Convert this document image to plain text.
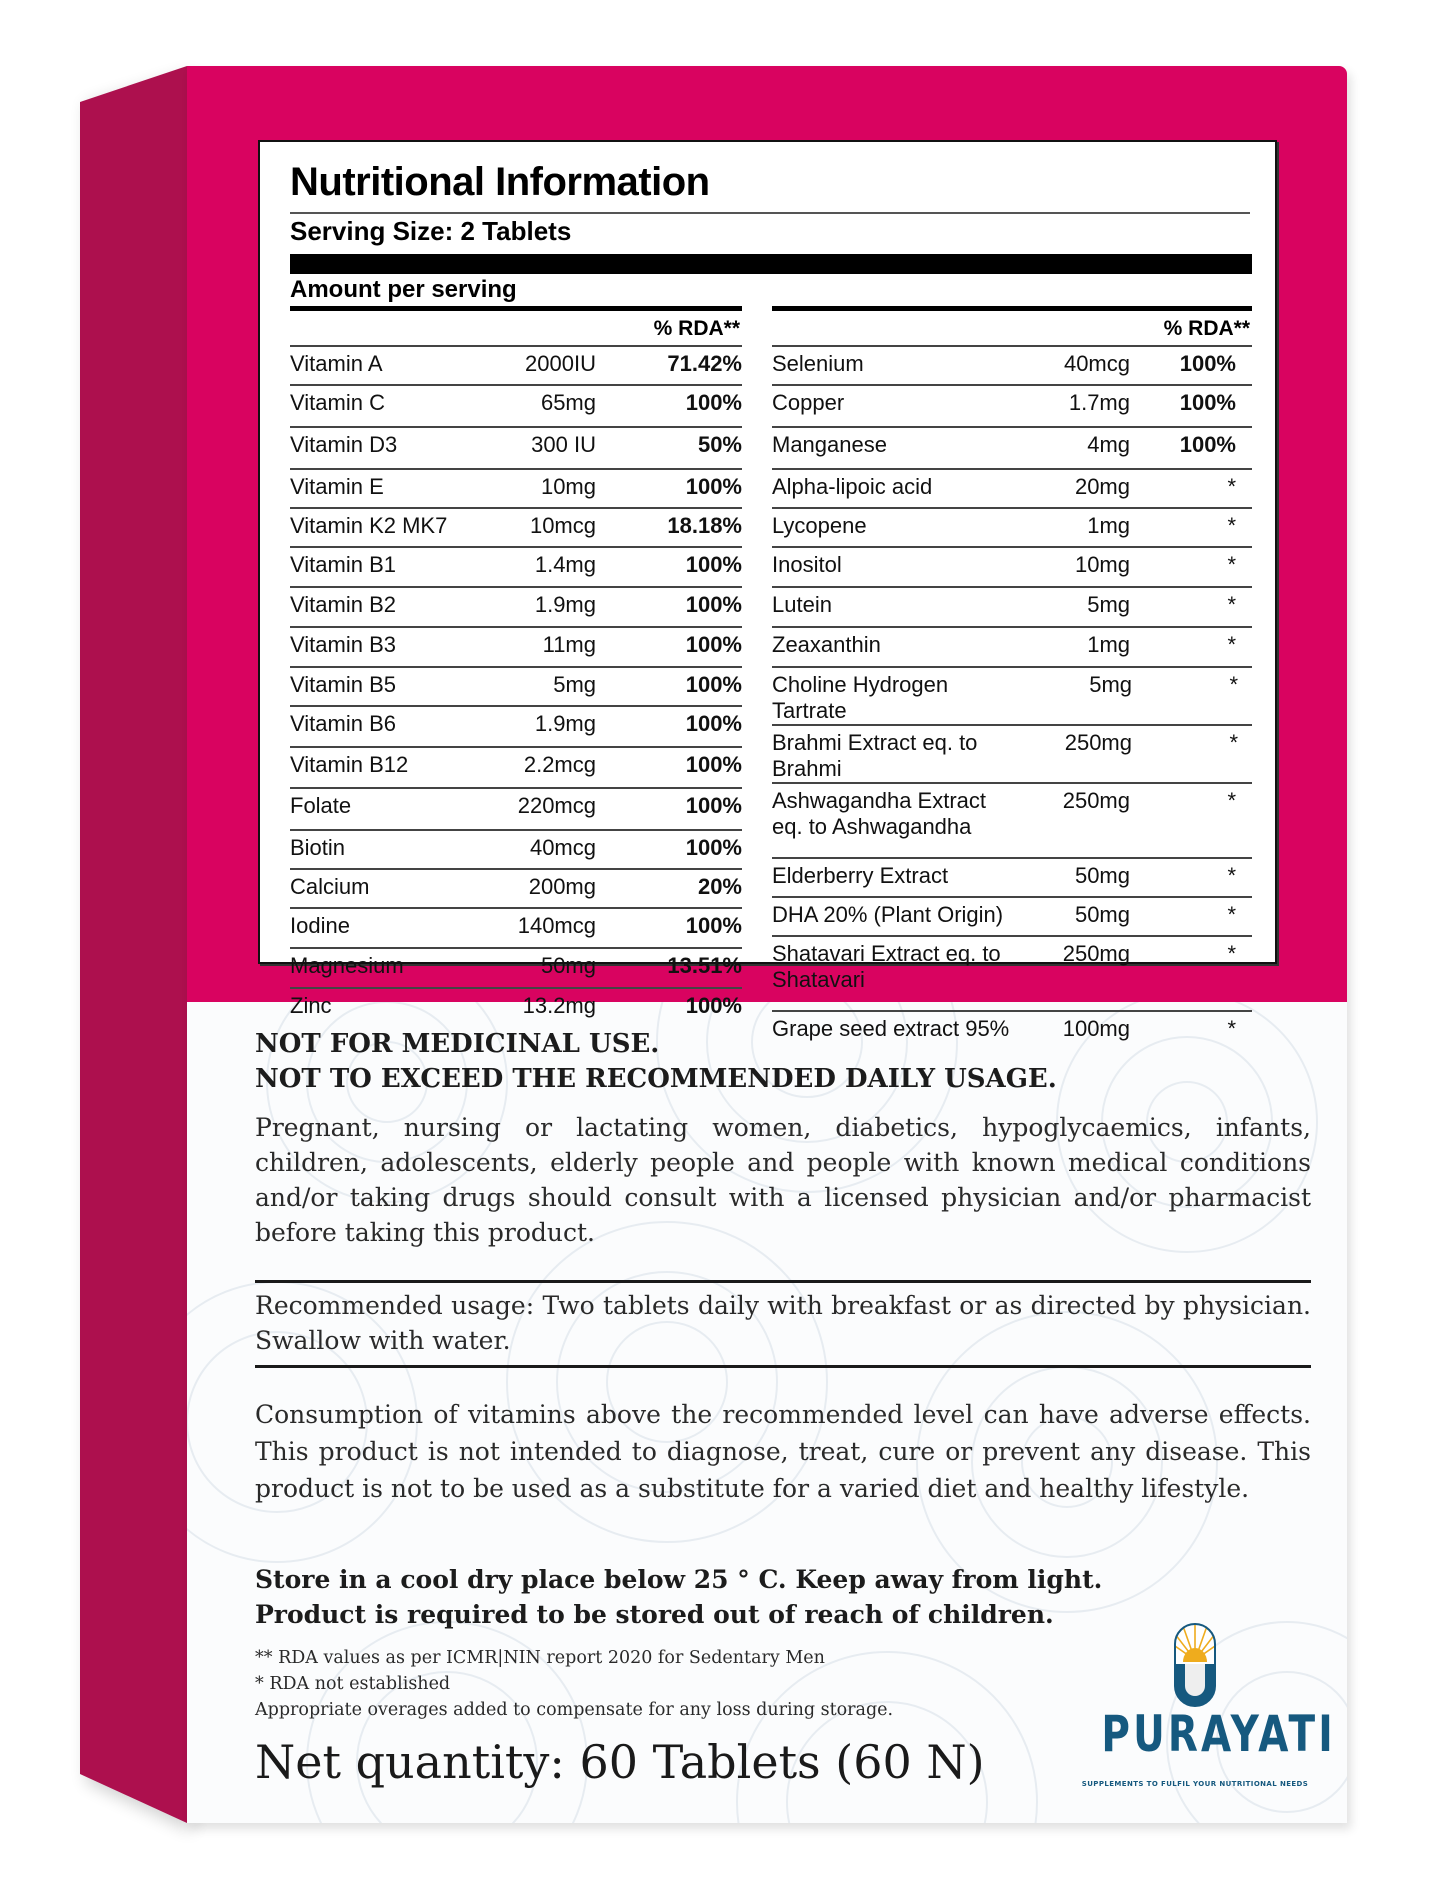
Nutritional Information
Serving Size: 2 Tablets
Amount per serving
% RDA**
Vitamin A	2000IU	71.42%
Vitamin C	65mg	100%
Vitamin D3	300 IU	50%
Vitamin E	10mg	100%
Vitamin K2 MK7	10mcg	18.18%
Vitamin B1	1.4mg	100%
Vitamin B2	1.9mg	100%
Vitamin B3	11mg	100%
Vitamin B5	5mg	100%
Vitamin B6	1.9mg	100%
Vitamin B12	2.2mcg	100%
Folate	220mcg	100%
Biotin	40mcg	100%
Calcium	200mg	20%
Iodine	140mcg	100%
Magnesium	50mg	13.51%
Zinc	13.2mg	100%
% RDA**
Selenium	40mcg	100%
Copper	1.7mg	100%
Manganese	4mg	100%
Alpha-lipoic acid	20mg	*
Lycopene	1mg	*
Inositol	10mg	*
Lutein	5mg	*
Zeaxanthin	1mg	*
Choline Hydrogen Tartrate
5mg	*
Brahmi Extract eq. to Brahmi
250mg	*
Ashwagandha Extract eq. to Ashwagandha
250mg	*
Elderberry Extract	50mg	*
DHA 20% (Plant Origin)	50mg	*
Shatavari Extract eq. to Shatavari
250mg	*
Grape seed extract 95%	100mg	*
NOT FOR MEDICINAL USE.
NOT TO EXCEED THE RECOMMENDED DAILY USAGE.
Pregnant, nursing or lactating women, diabetics, hypoglycaemics, infants, children, adolescents, elderly people and people with known medical conditions and/or taking drugs should consult with a licensed physician and/or pharmacist before taking this product.
Recommended usage: Two tablets daily with breakfast or as directed by physician. Swallow with water.
Consumption of vitamins above the recommended level can have adverse effects. This product is not intended to diagnose, treat, cure or prevent any disease. This product is not to be used as a substitute for a varied diet and healthy lifestyle.
Store in a cool dry place below 25 ° C. Keep away from light.
Product is required to be stored out of reach of children.
** RDA values as per ICMR|NIN report 2020 for Sedentary Men
* RDA not established
Appropriate overages added to compensate for any loss during storage.
Net quantity: 60 Tablets (60 N)	PURAYATI
SUPPLEMENTS TO FULFIL YOUR NUTRITIONAL NEEDS
